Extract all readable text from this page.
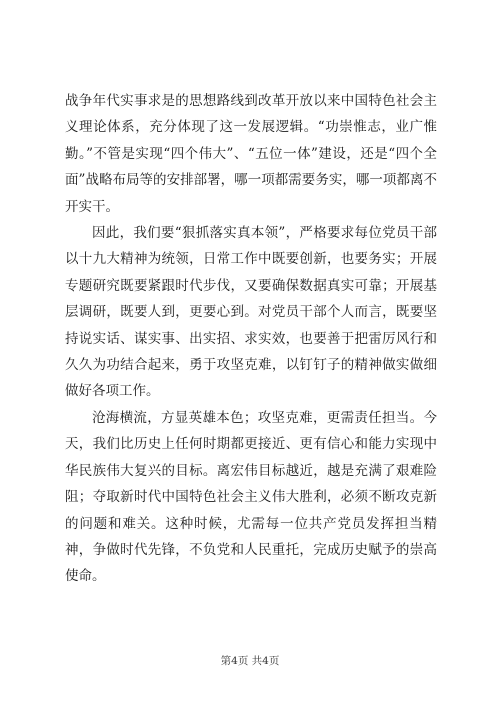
战争年代实事求是的思想路线到改革开放以来中国特色社会主义理论体系，充分体现了这一发展逻辑。“功崇惟志，业广惟勤。”不管是实现“四个伟大”、“五位一体”建设，还是“四个全面”战略布局等的安排部署，哪一项都需要务实，哪一项都离不开实干。

因此，我们要“狠抓落实真本领”，严格要求每位党员干部以十九大精神为统领，日常工作中既要创新，也要务实；开展专题研究既要紧跟时代步伐，又要确保数据真实可靠；开展基层调研，既要人到，更要心到。对党员干部个人而言，既要坚持说实话、谋实事、出实招、求实效，也要善于把雷厉风行和久久为功结合起来，勇于攻坚克难，以钉钉子的精神做实做细做好各项工作。

沧海横流，方显英雄本色；攻坚克难，更需责任担当。今天，我们比历史上任何时期都更接近、更有信心和能力实现中华民族伟大复兴的目标。离宏伟目标越近，越是充满了艰难险阻；夺取新时代中国特色社会主义伟大胜利，必须不断攻克新的问题和难关。这种时候，尤需每一位共产党员发挥担当精神，争做时代先锋，不负党和人民重托，完成历史赋予的崇高使命。

第4页 共4页
